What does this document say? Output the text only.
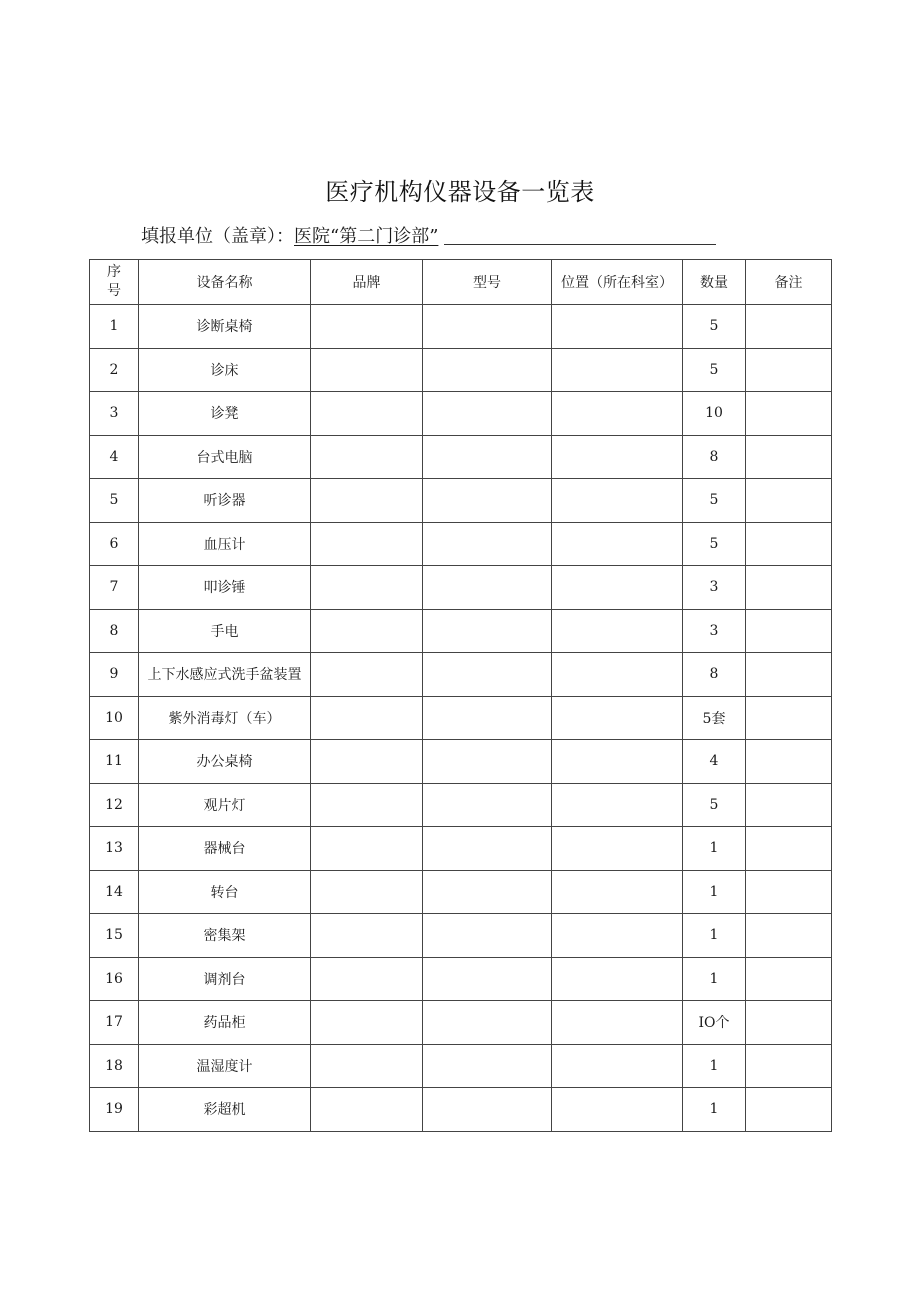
医疗机构仪器设备一览表
填报单位（盖章）： 医院“第二门诊部”
序
号	设备名称	品牌	型号	位置（所在科室）	数量	备注
1	诊断桌椅				5	
2	诊床				5	
3	诊凳				10	
4	台式电脑				8	
5	听诊器				5	
6	血压计				5	
7	叩诊锤				3	
8	手电				3	
9	上下水感应式洗手盆装置				8	
10	紫外消毒灯（车）				5套	
11	办公桌椅				4	
12	观片灯				5	
13	器械台				1	
14	转台				1	
15	密集架				1	
16	调剂台				1	
17	药品柜				IO个	
18	温湿度计				1	
19	彩超机				1	
